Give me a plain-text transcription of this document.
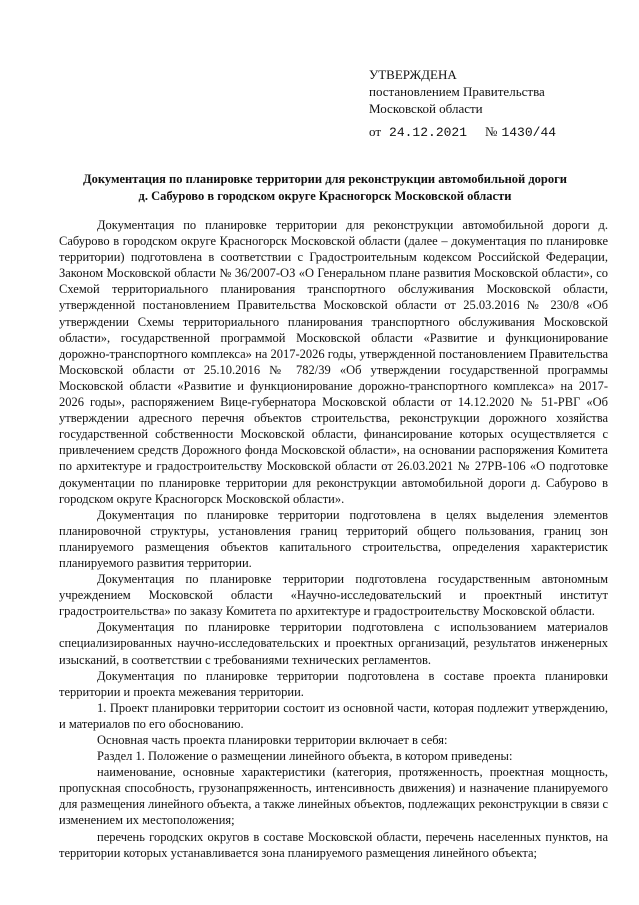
УТВЕРЖДЕНА
постановлением Правительства
Московской области
от 24.12.2021 № 1430/44
Документация по планировке территории для реконструкции автомобильной дороги
д. Сабурово в городском округе Красногорск Московской области

Документация по планировке территории для реконструкции автомобильной дороги д. Сабурово в городском округе Красногорск Московской области (далее – документация по планировке территории) подготовлена в соответствии с Градостроительным кодексом Российской Федерации, Законом Московской области № 36/2007-ОЗ «О Генеральном плане развития Московской области», со Схемой территориального планирования транспортного обслуживания Московской области, утвержденной постановлением Правительства Московской области от 25.03.2016 № 230/8 «Об утверждении Схемы территориального планирования транспортного обслуживания Московской области», государственной программой Московской области «Развитие и функционирование дорожно-транспортного комплекса» на 2017-2026 годы, утвержденной постановлением Правительства Московской области от 25.10.2016 № 782/39 «Об утверждении государственной программы Московской области «Развитие и функционирование дорожно-транспортного комплекса» на 2017-2026 годы», распоряжением Вице-губернатора Московской области от 14.12.2020 № 51-РВГ «Об утверждении адресного перечня объектов строительства, реконструкции дорожного хозяйства государственной собственности Московской области, финансирование которых осуществляется с привлечением средств Дорожного фонда Московской области», на основании распоряжения Комитета по архитектуре и градостроительству Московской области от 26.03.2021 № 27РВ-106 «О подготовке документации по планировке территории для реконструкции автомобильной дороги д. Сабурово в городском округе Красногорск Московской области».

Документация по планировке территории подготовлена в целях выделения элементов планировочной структуры, установления границ территорий общего пользования, границ зон планируемого размещения объектов капитального строительства, определения характеристик планируемого развития территории.

Документация по планировке территории подготовлена государственным автономным учреждением Московской области «Научно-исследовательский и проектный институт градостроительства» по заказу Комитета по архитектуре и градостроительству Московской области.

Документация по планировке территории подготовлена с использованием материалов специализированных научно-исследовательских и проектных организаций, результатов инженерных изысканий, в соответствии с требованиями технических регламентов.

Документация по планировке территории подготовлена в составе проекта планировки территории и проекта межевания территории.

1. Проект планировки территории состоит из основной части, которая подлежит утверждению, и материалов по его обоснованию.

Основная часть проекта планировки территории включает в себя:

Раздел 1. Положение о размещении линейного объекта, в котором приведены:

наименование, основные характеристики (категория, протяженность, проектная мощность, пропускная способность, грузонапряженность, интенсивность движения) и назначение планируемого для размещения линейного объекта, а также линейных объектов, подлежащих реконструкции в связи с изменением их местоположения;

перечень городских округов в составе Московской области, перечень населенных пунктов, на территории которых устанавливается зона планируемого размещения линейного объекта;
